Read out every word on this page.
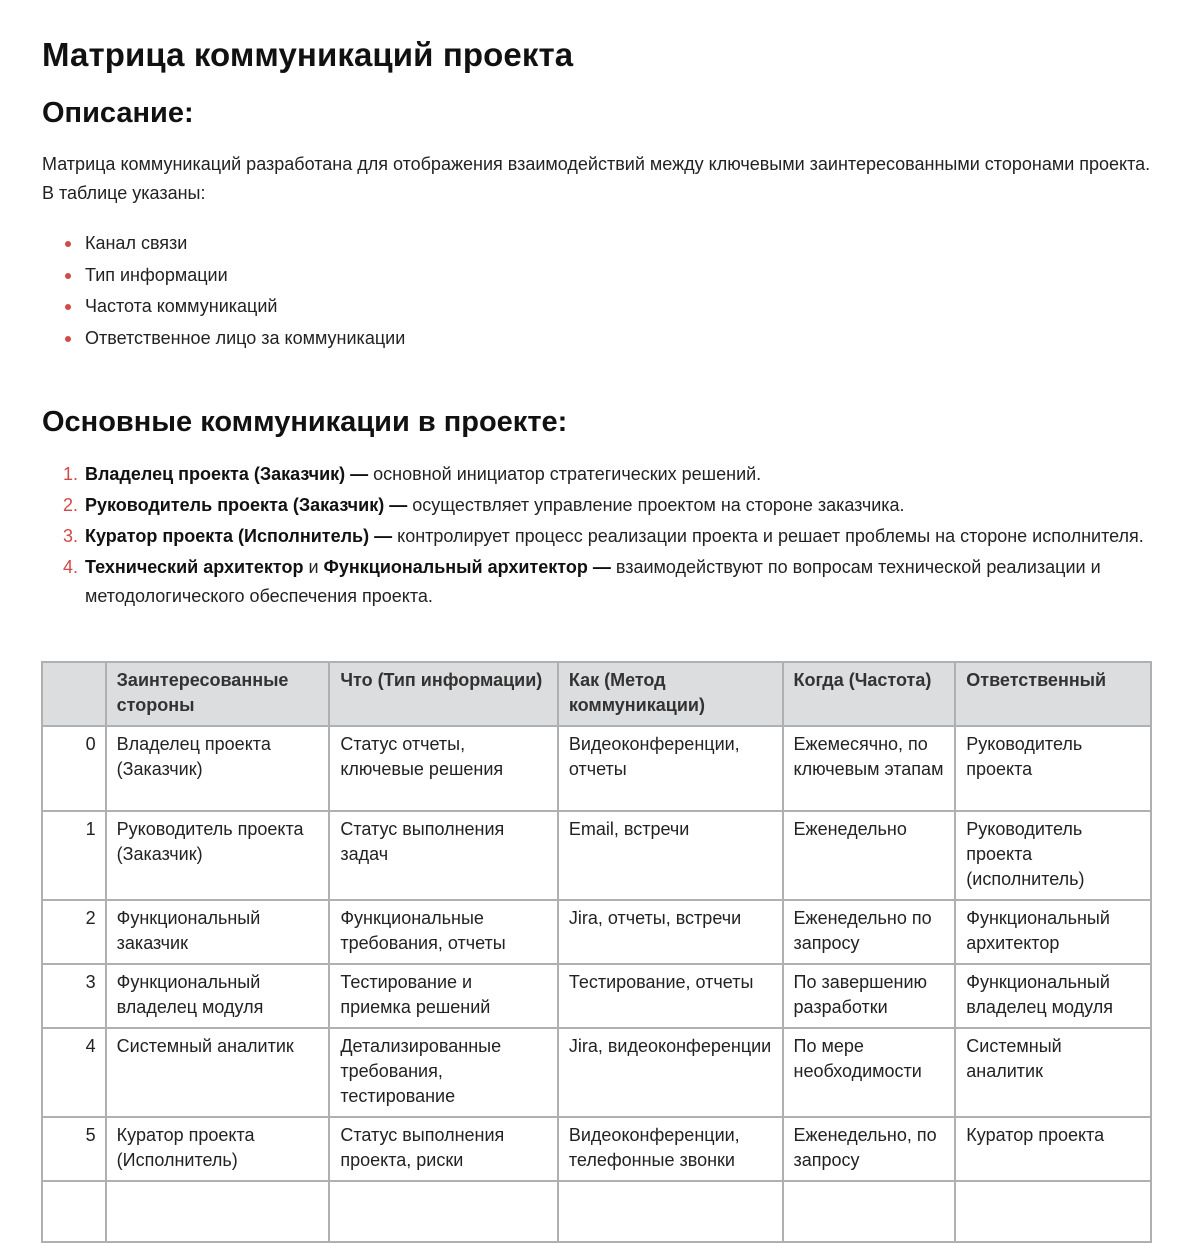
Матрица коммуникаций проекта
Описание:

Матрица коммуникаций разработана для отображения взаимодействий между ключевыми заинтересованными сторонами проекта. В таблице указаны:

Канал связи
Тип информации
Частота коммуникаций
Ответственное лицо за коммуникации
Основные коммуникации в проекте:
1. Владелец проекта (Заказчик) — основной инициатор стратегических решений.
2. Руководитель проекта (Заказчик) — осуществляет управление проектом на стороне заказчика.
3. Куратор проекта (Исполнитель) — контролирует процесс реализации проекта и решает проблемы на стороне исполнителя.
4. Технический архитектор и Функциональный архитектор — взаимодействуют по вопросам технической реализации и методологического обеспечения проекта.
	Заинтересованные стороны	Что (Тип информации)	Как (Метод коммуникации)	Когда (Частота)	Ответственный
0	Владелец проекта (Заказчик)	Статус отчеты, ключевые решения	Видеоконференции, отчеты	Ежемесячно, по ключевым этапам	Руководитель проекта
1	Руководитель проекта (Заказчик)	Статус выполнения задач	Email, встречи	Еженедельно	Руководитель проекта (исполнитель)
2	Функциональный заказчик	Функциональные требования, отчеты	Jira, отчеты, встречи	Еженедельно по запросу	Функциональный архитектор
3	Функциональный владелец модуля	Тестирование и приемка решений	Тестирование, отчеты	По завершению разработки	Функциональный владелец модуля
4	Системный аналитик	Детализированные требования, тестирование	Jira, видеоконференции	По мере необходимости	Системный аналитик
5	Куратор проекта (Исполнитель)	Статус выполнения проекта, риски	Видеоконференции, телефонные звонки	Еженедельно, по запросу	Куратор проекта
